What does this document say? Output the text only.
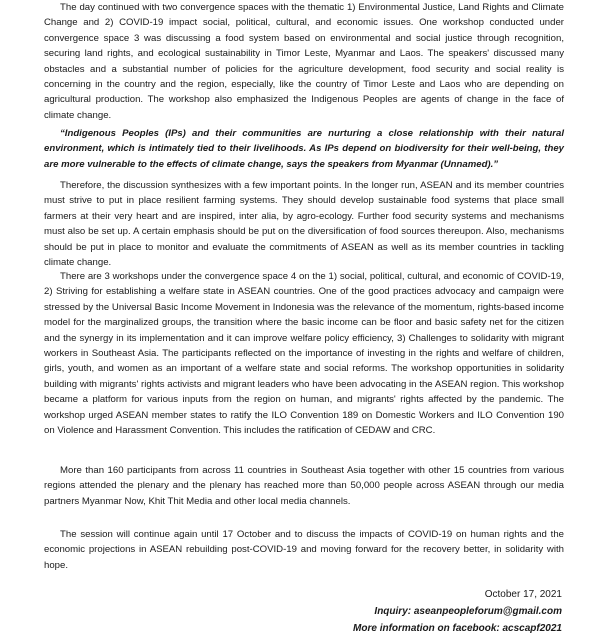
The day continued with two convergence spaces with the thematic 1) Environmental Justice, Land Rights and Climate Change and 2) COVID-19 impact social, political, cultural, and economic issues. One workshop conducted under convergence space 3 was discussing a food system based on environmental and social justice through recognition, securing land rights, and ecological sustainability in Timor Leste, Myanmar and Laos. The speakers' discussed many obstacles and a substantial number of policies for the agriculture development, food security and social reality is concerning in the country and the region, especially, like the country of Timor Leste and Laos who are depending on agricultural production. The workshop also emphasized the Indigenous Peoples are agents of change in the face of climate change.

“Indigenous Peoples (IPs) and their communities are nurturing a close relationship with their natural environment, which is intimately tied to their livelihoods. As IPs depend on biodiversity for their well-being, they are more vulnerable to the effects of climate change, says the speakers from Myanmar (Unnamed).”

Therefore, the discussion synthesizes with a few important points. In the longer run, ASEAN and its member countries must strive to put in place resilient farming systems. They should develop sustainable food systems that place small farmers at their very heart and are inspired, inter alia, by agro-ecology. Further food security systems and mechanisms must also be set up. A certain emphasis should be put on the diversification of food sources thereupon. Also, mechanisms should be put in place to monitor and evaluate the commitments of ASEAN as well as its member countries in tackling climate change.

There are 3 workshops under the convergence space 4 on the 1) social, political, cultural, and economic of COVID-19, 2) Striving for establishing a welfare state in ASEAN countries. One of the good practices advocacy and campaign were stressed by the Universal Basic Income Movement in Indonesia was the relevance of the momentum, rights-based income model for the marginalized groups, the transition where the basic income can be floor and basic safety net for the citizen and the synergy in its implementation and it can improve welfare policy efficiency, 3) Challenges to solidarity with migrant workers in Southeast Asia. The participants reflected on the importance of investing in the rights and welfare of children, girls, youth, and women as an important of a welfare state and social reforms. The workshop opportunities in solidarity building with migrants' rights activists and migrant leaders who have been advocating in the ASEAN region. This workshop became a platform for various inputs from the region on human, and migrants' rights affected by the pandemic. The workshop urged ASEAN member states to ratify the ILO Convention 189 on Domestic Workers and ILO Convention 190 on Violence and Harassment Convention. This includes the ratification of CEDAW and CRC.

More than 160 participants from across 11 countries in Southeast Asia together with other 15 countries from various regions attended the plenary and the plenary has reached more than 50,000 people across ASEAN through our media partners Myanmar Now, Khit Thit Media and other local media channels.

The session will continue again until 17 October and to discuss the impacts of COVID-19 on human rights and the economic projections in ASEAN rebuilding post-COVID-19 and moving forward for the recovery better, in solidarity with hope.

October 17, 2021
Inquiry: aseanpeopleforum@gmail.com
More information on facebook: acscapf2021
